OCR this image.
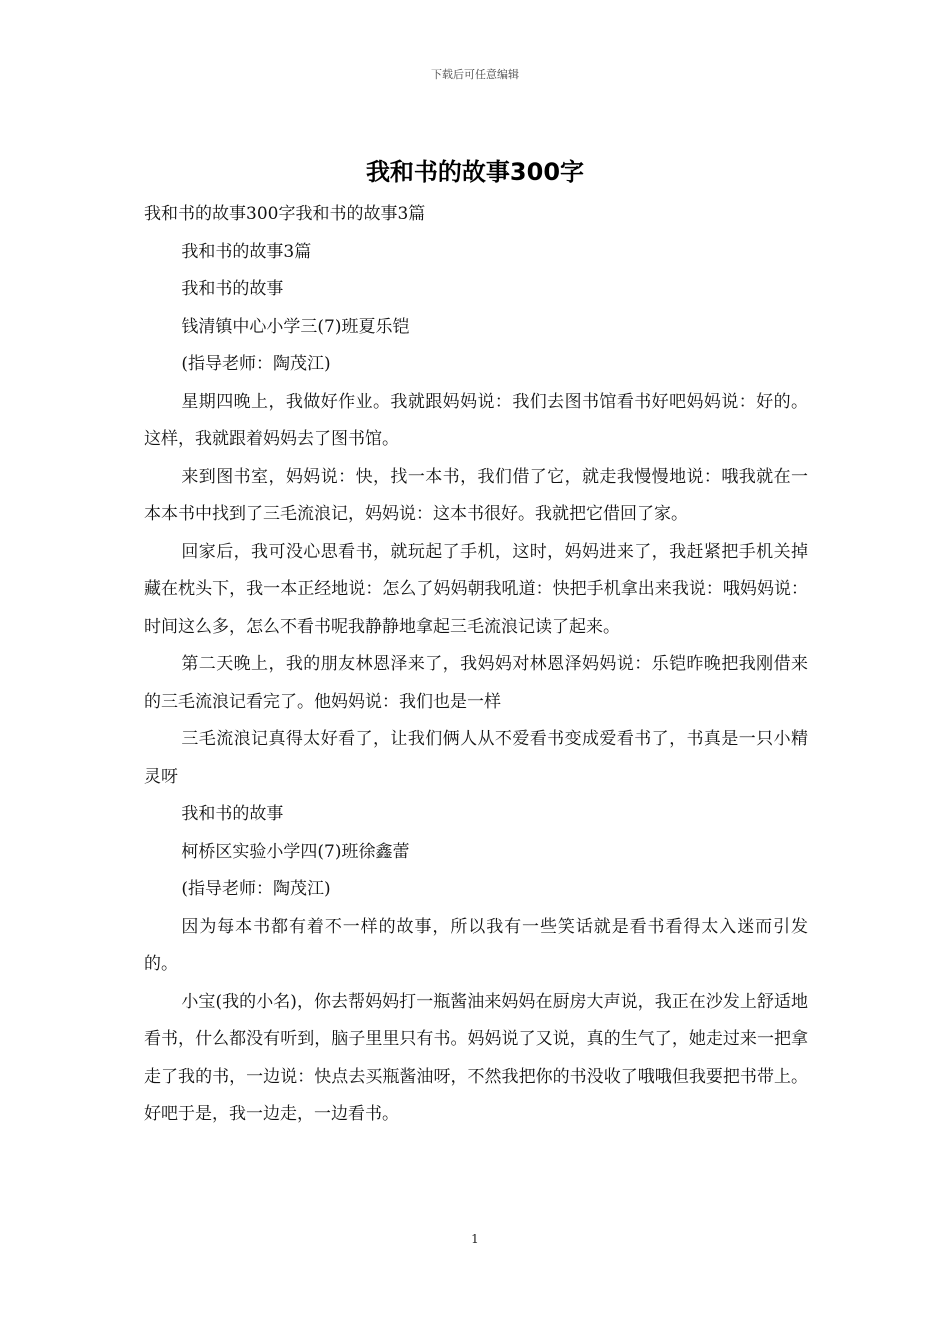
下载后可任意编辑
我和书的故事300字

我和书的故事300字我和书的故事3篇

我和书的故事3篇

我和书的故事

钱清镇中心小学三(7)班夏乐铠

(指导老师：陶茂江)

星期四晚上，我做好作业。我就跟妈妈说：我们去图书馆看书好吧妈妈说：好的。这样，我就跟着妈妈去了图书馆。

来到图书室，妈妈说：快，找一本书，我们借了它，就走我慢慢地说：哦我就在一本本书中找到了三毛流浪记，妈妈说：这本书很好。我就把它借回了家。

回家后，我可没心思看书，就玩起了手机，这时，妈妈进来了，我赶紧把手机关掉藏在枕头下，我一本正经地说：怎么了妈妈朝我吼道：快把手机拿出来我说：哦妈妈说：时间这么多，怎么不看书呢我静静地拿起三毛流浪记读了起来。

第二天晚上，我的朋友林恩泽来了，我妈妈对林恩泽妈妈说：乐铠昨晚把我刚借来的三毛流浪记看完了。他妈妈说：我们也是一样

三毛流浪记真得太好看了，让我们俩人从不爱看书变成爱看书了，书真是一只小精灵呀

我和书的故事

柯桥区实验小学四(7)班徐鑫蕾

(指导老师：陶茂江)

因为每本书都有着不一样的故事，所以我有一些笑话就是看书看得太入迷而引发的。

小宝(我的小名)，你去帮妈妈打一瓶酱油来妈妈在厨房大声说，我正在沙发上舒适地看书，什么都没有听到，脑子里里只有书。妈妈说了又说，真的生气了，她走过来一把拿走了我的书，一边说：快点去买瓶酱油呀，不然我把你的书没收了哦哦但我要把书带上。好吧于是，我一边走，一边看书。

1
